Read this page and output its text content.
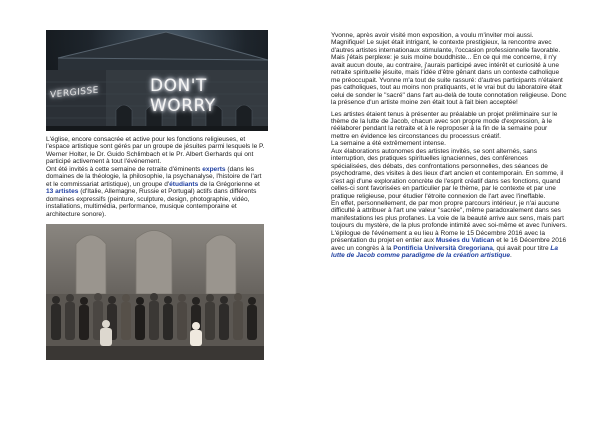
DON'T WORRY
VERGISSE

L'église, encore consacrée et active pour les fonctions religieuses, et l'espace artistique sont gérés par un groupe de jésuites parmi lesquels le P. Werner Holter, le Dr. Guido Schlimbach et le Pr. Albert Gerhards qui ont participé activement à tout l'événement.

Ont été invités à cette semaine de retraite d'éminents experts (dans les domaines de la théologie, la philosophie, la psychanalyse, l'histoire de l'art et le commissariat artistique), un groupe d'étudiants de la Grégorienne et 13 artistes (d'Italie, Allemagne, Russie et Portugal) actifs dans différents domaines expressifs (peinture, sculpture, design, photographie, vidéo, installations, multimédia, performance, musique contemporaine et architecture sonore).

Yvonne, après avoir visité mon exposition, a voulu m'inviter moi aussi. Magnifique! Le sujet était intrigant, le contexte prestigieux, la rencontre avec d'autres artistes internationaux stimulante, l'occasion professionnelle favorable. Mais j'étais perplexe: je suis moine bouddhiste... En ce qui me concerne, il n'y avait aucun doute, au contraire, j'aurais participé avec intérêt et curiosité à une retraite spirituelle jésuite, mais l'idée d'être gênant dans un contexte catholique me préoccupait. Yvonne m'a tout de suite rassuré: d'autres participants n'étaient pas catholiques, tout au moins non pratiquants, et le vrai but du laboratoire était celui de sonder le "sacré" dans l'art au-delà de toute connotation religieuse. Donc la présence d'un artiste moine zen était tout à fait bien acceptée!

Les artistes étaient tenus à présenter au préalable un projet préliminaire sur le thème de la lutte de Jacob, chacun avec son propre mode d'expression, à le réélaborer pendant la retraite et à le reproposer à la fin de la semaine pour mettre en évidence les circonstances du processus créatif.

La semaine a été extrêmement intense.

Aux élaborations autonomes des artistes invités, se sont alternés, sans interruption, des pratiques spirituelles ignaciennes, des conférences spécialisées, des débats, des confrontations personnelles, des séances de psychodrame, des visites à des lieux d'art ancien et contemporain. En somme, il s'est agi d'une exploration concrète de l'esprit créatif dans ses fonctions, quand celles-ci sont favorisées en particulier par le thème, par le contexte et par une pratique religieuse, pour étudier l'étroite connexion de l'art avec l'ineffable.

En effet, personnellement, de par mon propre parcours intérieur, je n'ai aucune difficulté à attribuer à l'art une valeur "sacrée", même paradoxalement dans ses manifestations les plus profanes. La voie de la beauté arrive aux sens, mais part toujours du mystère, de la plus profonde intimité avec soi-même et avec l'univers.

L'épilogue de l'événement a eu lieu à Rome le 15 Décembre 2016 avec la présentation du projet en entier aux Musées du Vatican et le 16 Décembre 2016 avec un congrès à la Pontificia Università Gregoriana, qui avait pour titre La lutte de Jacob comme paradigme de la création artistique.
